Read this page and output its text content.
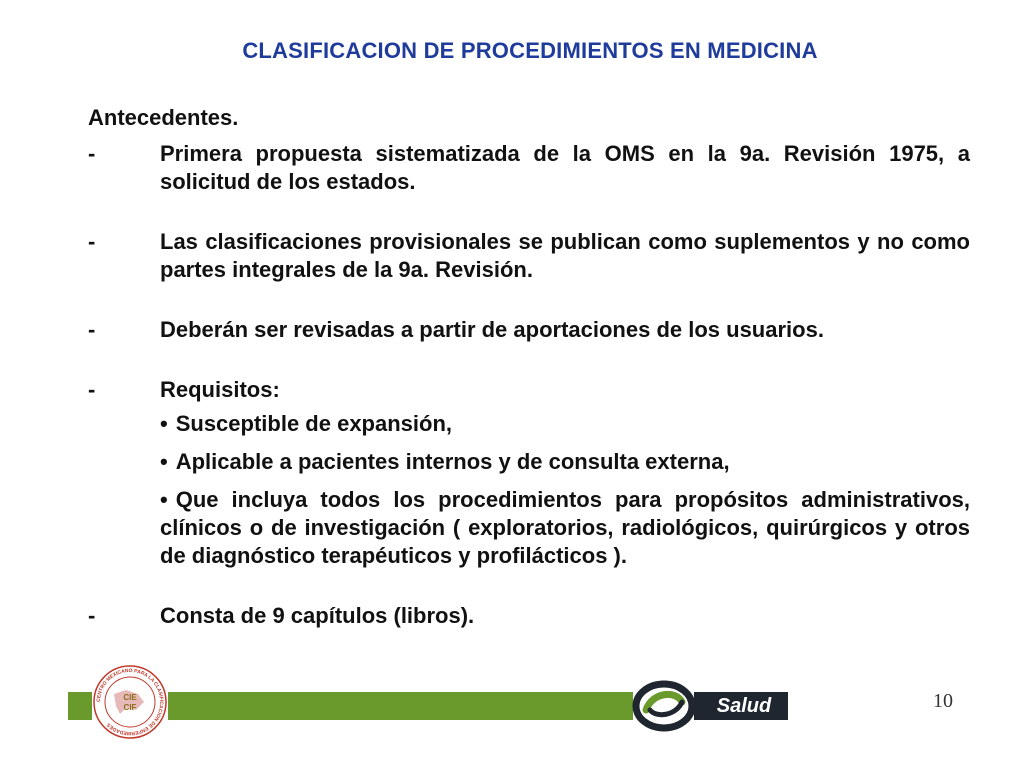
CLASIFICACION DE PROCEDIMIENTOS EN MEDICINA
Antecedentes.
-	Primera propuesta sistematizada de la OMS en la 9a. Revisión 1975, a solicitud de los estados.
-	Las clasificaciones provisionales se publican como suplementos y no como partes integrales de la 9a. Revisión.
-	Deberán ser revisadas a partir de aportaciones de los usuarios.
-	Requisitos:
• Susceptible de expansión,
• Aplicable a pacientes internos y de consulta externa,
• Que incluya todos los procedimientos para propósitos administrativos, clínicos o de investigación ( exploratorios, radiológicos, quirúrgicos y otros de diagnóstico terapéuticos y profilácticos ).
-	Consta de 9 capítulos (libros).
Salud
CENTRO MEXICANO PARA LA CLASIFICACION DE ENFERMEDADES
CIE
CIF	10
